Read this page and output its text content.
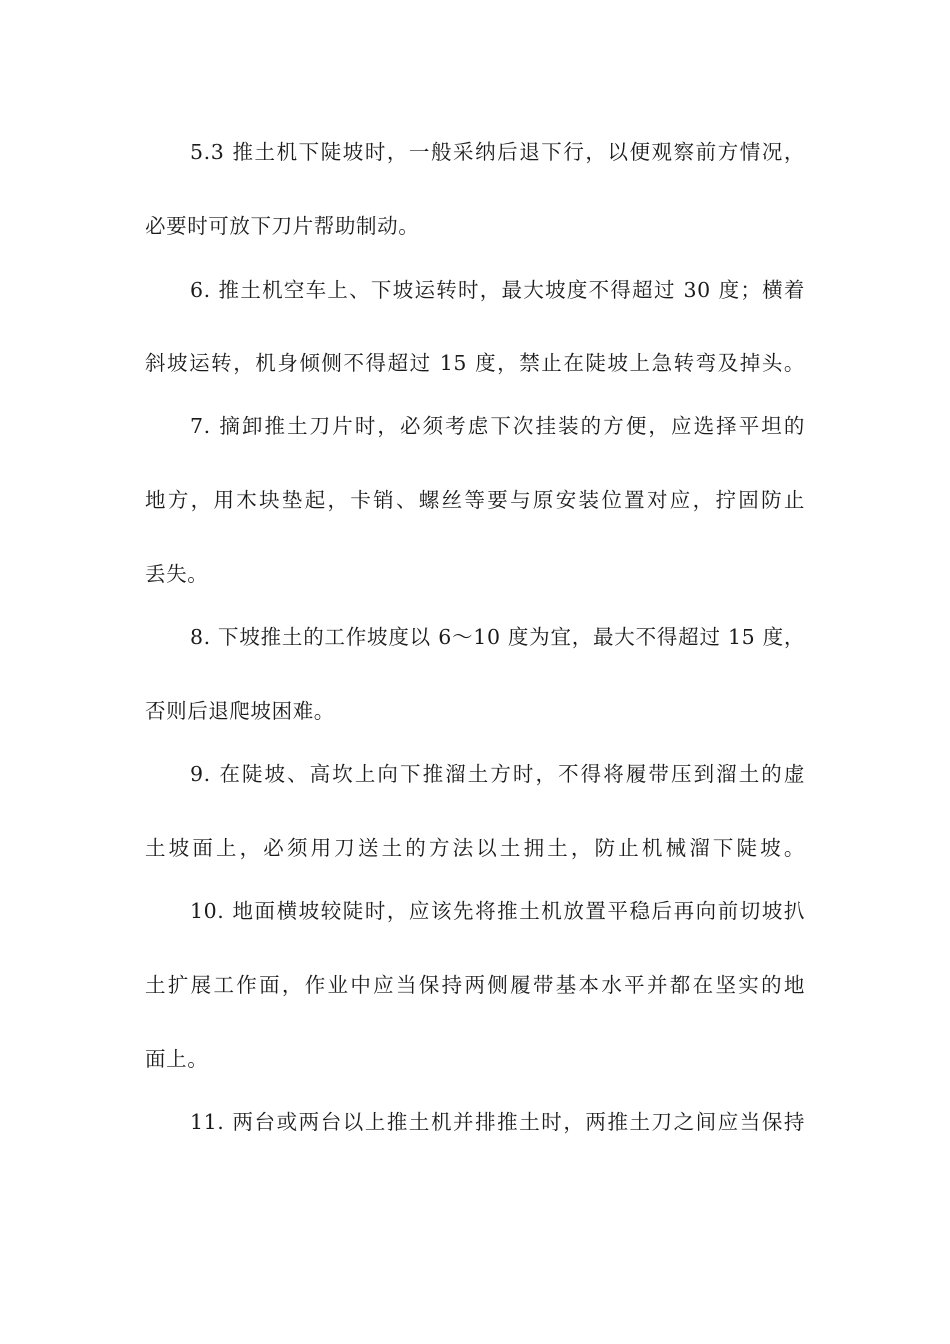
5.3 推土机下陡坡时，一般采纳后退下行，以便观察前方情况，
必要时可放下刀片帮助制动。
6. 推土机空车上、下坡运转时，最大坡度不得超过 30 度；横着
斜坡运转，机身倾侧不得超过 15 度，禁止在陡坡上急转弯及掉头。
7. 摘卸推土刀片时，必须考虑下次挂装的方便，应选择平坦的
地方，用木块垫起，卡销、螺丝等要与原安装位置对应，拧固防止
丢失。
8. 下坡推土的工作坡度以 6～10 度为宜，最大不得超过 15 度，
否则后退爬坡困难。
9. 在陡坡、高坎上向下推溜土方时，不得将履带压到溜土的虚
土坡面上，必须用刀送土的方法以土拥土，防止机械溜下陡坡。
10. 地面横坡较陡时，应该先将推土机放置平稳后再向前切坡扒
土扩展工作面，作业中应当保持两侧履带基本水平并都在坚实的地
面上。
11. 两台或两台以上推土机并排推土时，两推土刀之间应当保持
